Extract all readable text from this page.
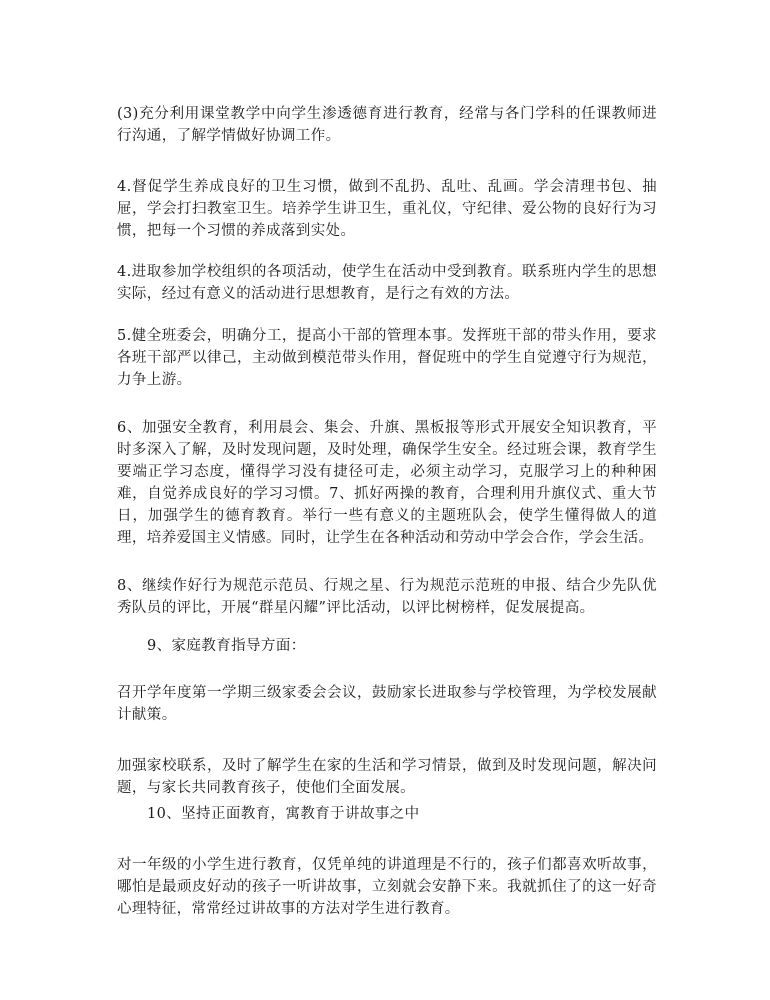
(3)充分利用课堂教学中向学生渗透德育进行教育，经常与各门学科的任课教师进行沟通，了解学情做好协调工作。

4.督促学生养成良好的卫生习惯，做到不乱扔、乱吐、乱画。学会清理书包、抽屉，学会打扫教室卫生。培养学生讲卫生，重礼仪，守纪律、爱公物的良好行为习惯，把每一个习惯的养成落到实处。

4.进取参加学校组织的各项活动，使学生在活动中受到教育。联系班内学生的思想实际，经过有意义的活动进行思想教育，是行之有效的方法。

5.健全班委会，明确分工，提高小干部的管理本事。发挥班干部的带头作用，要求各班干部严以律己，主动做到模范带头作用，督促班中的学生自觉遵守行为规范，力争上游。

6、加强安全教育，利用晨会、集会、升旗、黑板报等形式开展安全知识教育，平时多深入了解，及时发现问题，及时处理，确保学生安全。经过班会课，教育学生要端正学习态度，懂得学习没有捷径可走，必须主动学习，克服学习上的种种困难，自觉养成良好的学习习惯。7、抓好两操的教育，合理利用升旗仪式、重大节日，加强学生的德育教育。举行一些有意义的主题班队会，使学生懂得做人的道理，培养爱国主义情感。同时，让学生在各种活动和劳动中学会合作，学会生活。

8、继续作好行为规范示范员、行规之星、行为规范示范班的申报、结合少先队优秀队员的评比，开展“群星闪耀”评比活动，以评比树榜样，促发展提高。

9、家庭教育指导方面：

召开学年度第一学期三级家委会会议，鼓励家长进取参与学校管理，为学校发展献计献策。

加强家校联系，及时了解学生在家的生活和学习情景，做到及时发现问题，解决问题，与家长共同教育孩子，使他们全面发展。

10、坚持正面教育，寓教育于讲故事之中

对一年级的小学生进行教育，仅凭单纯的讲道理是不行的，孩子们都喜欢听故事，哪怕是最顽皮好动的孩子一听讲故事，立刻就会安静下来。我就抓住了的这一好奇心理特征，常常经过讲故事的方法对学生进行教育。
